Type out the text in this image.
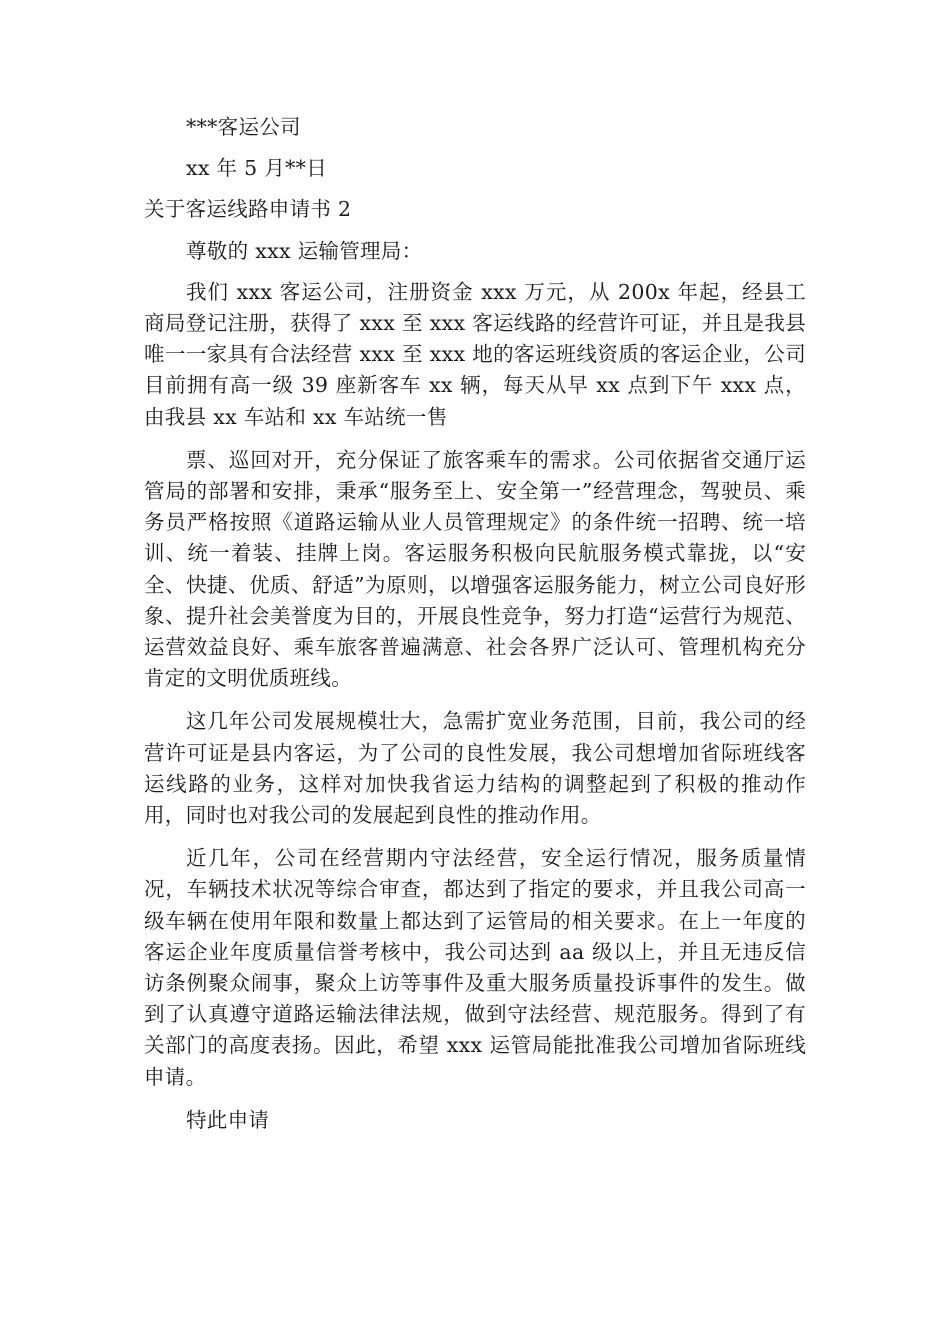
***客运公司

xx 年 5 月**日

关于客运线路申请书 2

尊敬的 xxx 运输管理局：

我们 xxx 客运公司，注册资金 xxx 万元，从 200x 年起，经县工商局登记注册，获得了 xxx 至 xxx 客运线路的经营许可证，并且是我县唯一一家具有合法经营 xxx 至 xxx 地的客运班线资质的客运企业，公司目前拥有高一级 39 座新客车 xx 辆，每天从早 xx 点到下午 xxx 点，由我县 xx 车站和 xx 车站统一售

票、巡回对开，充分保证了旅客乘车的需求。公司依据省交通厅运管局的部署和安排，秉承“服务至上、安全第一”经营理念，驾驶员、乘务员严格按照《道路运输从业人员管理规定》的条件统一招聘、统一培训、统一着装、挂牌上岗。客运服务积极向民航服务模式靠拢，以“安全、快捷、优质、舒适”为原则，以增强客运服务能力，树立公司良好形象、提升社会美誉度为目的，开展良性竞争，努力打造“运营行为规范、运营效益良好、乘车旅客普遍满意、社会各界广泛认可、管理机构充分肯定的文明优质班线。

这几年公司发展规模壮大，急需扩宽业务范围，目前，我公司的经营许可证是县内客运，为了公司的良性发展，我公司想增加省际班线客运线路的业务，这样对加快我省运力结构的调整起到了积极的推动作用，同时也对我公司的发展起到良性的推动作用。

近几年，公司在经营期内守法经营，安全运行情况，服务质量情况，车辆技术状况等综合审查，都达到了指定的要求，并且我公司高一级车辆在使用年限和数量上都达到了运管局的相关要求。在上一年度的客运企业年度质量信誉考核中，我公司达到 aa 级以上，并且无违反信访条例聚众闹事，聚众上访等事件及重大服务质量投诉事件的发生。做到了认真遵守道路运输法律法规，做到守法经营、规范服务。得到了有关部门的高度表扬。因此，希望 xxx 运管局能批准我公司增加省际班线申请。

特此申请
